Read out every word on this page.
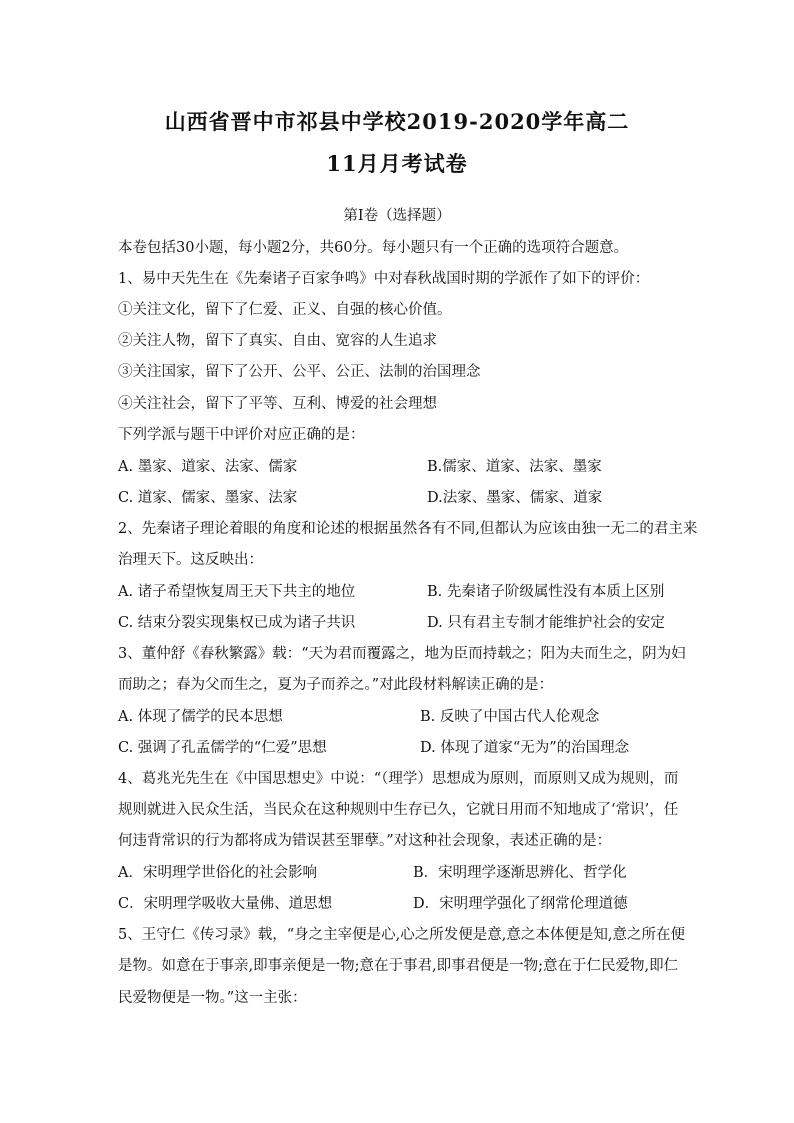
山西省晋中市祁县中学校2019-2020学年高二
11月月考试卷
第Ⅰ卷（选择题）
本卷包括30小题，每小题2分，共60分。每小题只有一个正确的选项符合题意。
1、易中天先生在《先秦诸子百家争鸣》中对春秋战国时期的学派作了如下的评价：
①关注文化，留下了仁爱、正义、自强的核心价值。
②关注人物，留下了真实、自由、宽容的人生追求
③关注国家，留下了公开、公平、公正、法制的治国理念
④关注社会，留下了平等、互利、博爱的社会理想
下列学派与题干中评价对应正确的是：
A. 墨家、道家、法家、儒家	B.儒家、道家、法家、墨家
C. 道家、儒家、墨家、法家	D.法家、墨家、儒家、道家
2、先秦诸子理论着眼的角度和论述的根据虽然各有不同,但都认为应该由独一无二的君主来
治理天下。这反映出：
A. 诸子希望恢复周王天下共主的地位	B. 先秦诸子阶级属性没有本质上区别
C. 结束分裂实现集权已成为诸子共识	D. 只有君主专制才能维护社会的安定
3、董仲舒《春秋繁露》载：“天为君而覆露之，地为臣而持载之；阳为夫而生之，阴为妇
而助之；春为父而生之，夏为子而养之。”对此段材料解读正确的是：
A. 体现了儒学的民本思想	B. 反映了中国古代人伦观念
C. 强调了孔孟儒学的“仁爱”思想	D. 体现了道家“无为”的治国理念
4、葛兆光先生在《中国思想史》中说：“（理学）思想成为原则，而原则又成为规则，而
规则就进入民众生活，当民众在这种规则中生存已久，它就日用而不知地成了‘常识’，任
何违背常识的行为都将成为错误甚至罪孽。”对这种社会现象，表述正确的是：
A．宋明理学世俗化的社会影响	B．宋明理学逐渐思辨化、哲学化
C．宋明理学吸收大量佛、道思想	D．宋明理学强化了纲常伦理道德
5、王守仁《传习录》载，“身之主宰便是心,心之所发便是意,意之本体便是知,意之所在便
是物。如意在于事亲,即事亲便是一物;意在于事君,即事君便是一物;意在于仁民爱物,即仁
民爱物便是一物。”这一主张：
